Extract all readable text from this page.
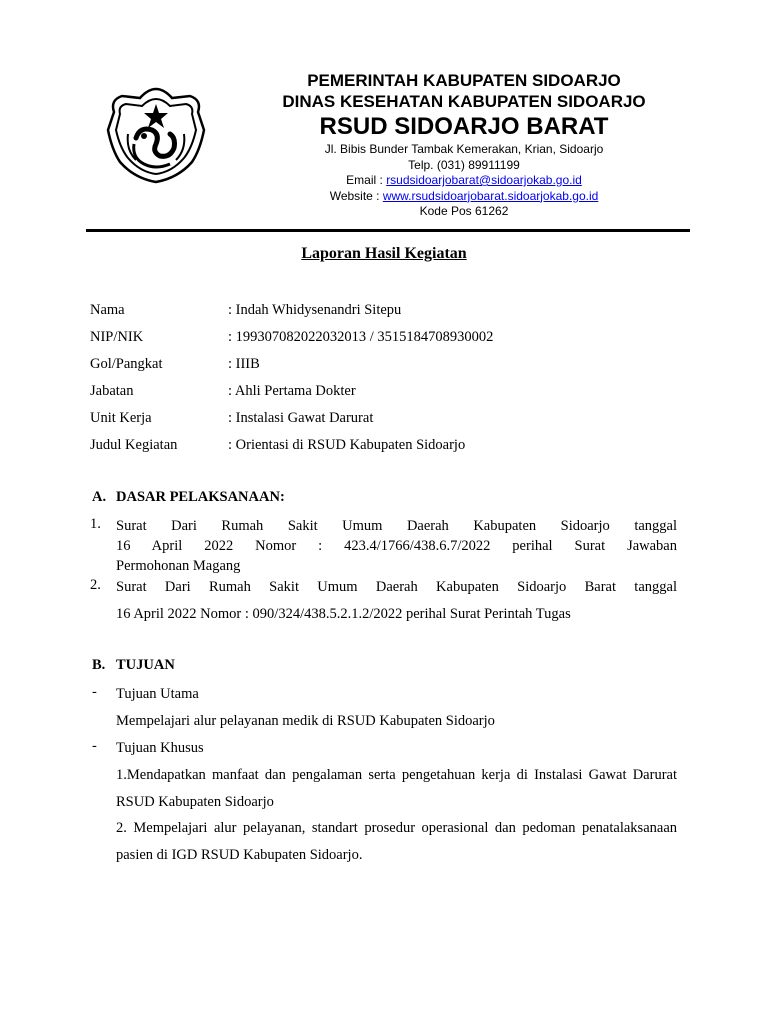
PEMERINTAH KABUPATEN SIDOARJO
DINAS KESEHATAN KABUPATEN SIDOARJO
RSUD SIDOARJO BARAT
Jl. Bibis Bunder Tambak Kemerakan, Krian, Sidoarjo
Telp. (031) 89911199
Email : rsudsidoarjobarat@sidoarjokab.go.id
Website : www.rsudsidoarjobarat.sidoarjokab.go.id
Kode Pos 61262
Laporan Hasil Kegiatan
Nama	: Indah Whidysenandri Sitepu
NIP/NIK	: 199307082022032013 / 3515184708930002
Gol/Pangkat	: IIIB
Jabatan	: Ahli Pertama Dokter
Unit Kerja	: Instalasi Gawat Darurat
Judul Kegiatan	: Orientasi di RSUD Kabupaten Sidoarjo
A. DASAR PELAKSANAAN:
1. Surat Dari Rumah Sakit Umum Daerah Kabupaten Sidoarjo tanggal
16 April 2022 Nomor : 423.4/1766/438.6.7/2022 perihal Surat Jawaban
Permohonan Magang
2. Surat Dari Rumah Sakit Umum Daerah Kabupaten Sidoarjo Barat tanggal
16 April 2022 Nomor : 090/324/438.5.2.1.2/2022 perihal Surat Perintah Tugas
B. TUJUAN
- Tujuan Utama
Mempelajari alur pelayanan medik di RSUD Kabupaten Sidoarjo
- Tujuan Khusus
1.Mendapatkan manfaat dan pengalaman serta pengetahuan kerja di Instalasi Gawat Darurat
RSUD Kabupaten Sidoarjo
2. Mempelajari alur pelayanan, standart prosedur operasional dan pedoman penatalaksanaan
pasien di IGD RSUD Kabupaten Sidoarjo.
